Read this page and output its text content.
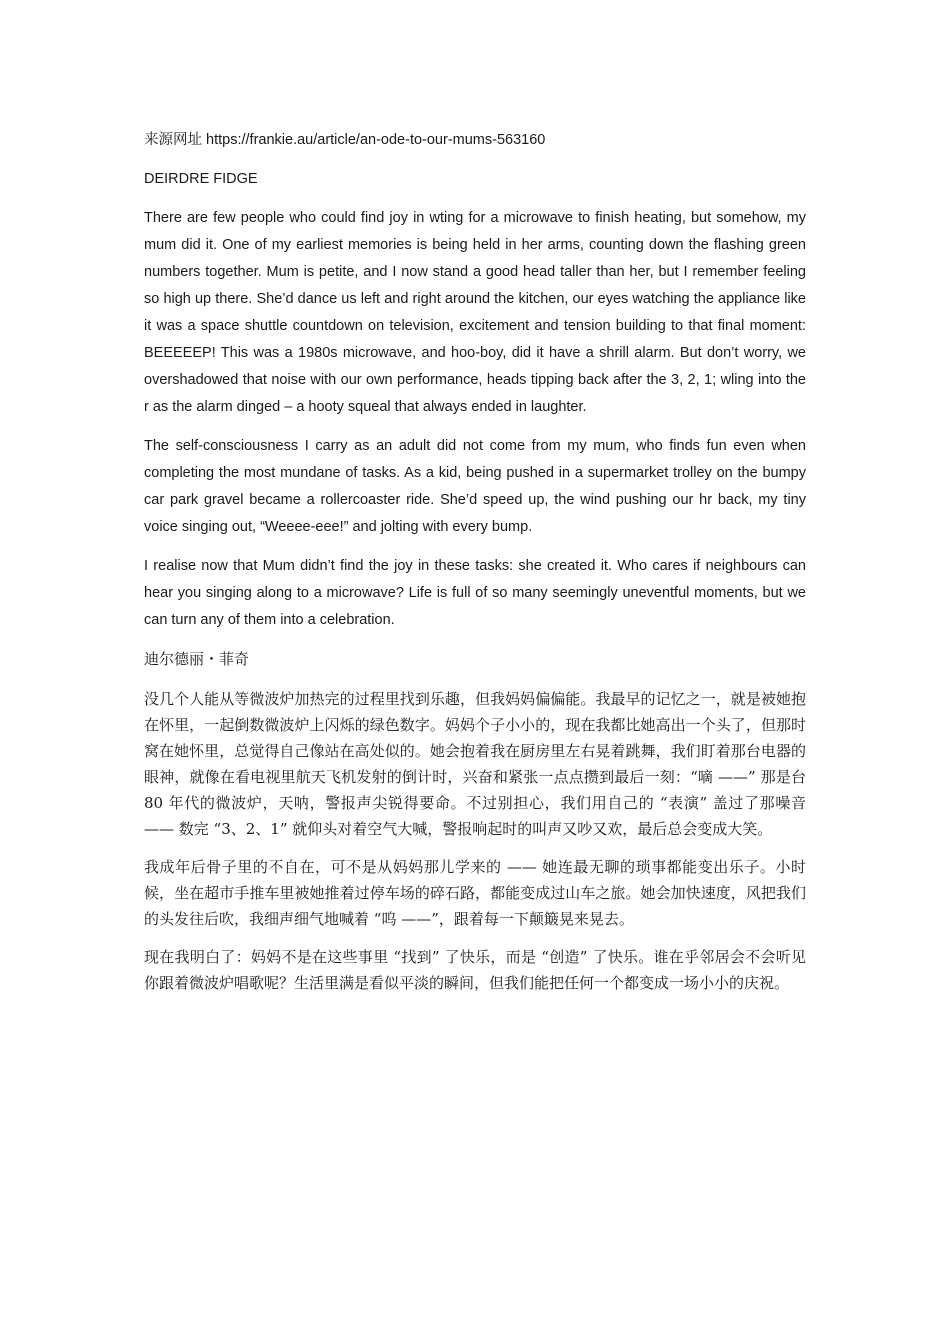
来源网址 https://frankie.au/article/an-ode-to-our-mums-563160

DEIRDRE FIDGE

There are few people who could find joy in wting for a microwave to finish heating, but somehow, my mum did it. One of my earliest memories is being held in her arms, counting down the flashing green numbers together. Mum is petite, and I now stand a good head taller than her, but I remember feeling so high up there. She’d dance us left and right around the kitchen, our eyes watching the appliance like it was a space shuttle countdown on television, excitement and tension building to that final moment: BEEEEEP! This was a 1980s microwave, and hoo-boy, did it have a shrill alarm. But don’t worry, we overshadowed that noise with our own performance, heads tipping back after the 3, 2, 1; wling into the r as the alarm dinged – a hooty squeal that always ended in laughter.

The self-consciousness I carry as an adult did not come from my mum, who finds fun even when completing the most mundane of tasks. As a kid, being pushed in a supermarket trolley on the bumpy car park gravel became a rollercoaster ride. She’d speed up, the wind pushing our hr back, my tiny voice singing out, “Weeee-eee!” and jolting with every bump.

I realise now that Mum didn’t find the joy in these tasks: she created it. Who cares if neighbours can hear you singing along to a microwave? Life is full of so many seemingly uneventful moments, but we can turn any of them into a celebration.

迪尔德丽・菲奇

没几个人能从等微波炉加热完的过程里找到乐趣，但我妈妈偏偏能。我最早的记忆之一，就是被她抱在怀里，一起倒数微波炉上闪烁的绿色数字。妈妈个子小小的，现在我都比她高出一个头了，但那时窝在她怀里，总觉得自己像站在高处似的。她会抱着我在厨房里左右晃着跳舞，我们盯着那台电器的眼神，就像在看电视里航天飞机发射的倒计时，兴奋和紧张一点点攒到最后一刻：“嘀 ——” 那是台 80 年代的微波炉，天呐，警报声尖锐得要命。不过别担心，我们用自己的 “表演” 盖过了那噪音 —— 数完 “3、2、1” 就仰头对着空气大喊，警报响起时的叫声又吵又欢，最后总会变成大笑。

我成年后骨子里的不自在，可不是从妈妈那儿学来的 —— 她连最无聊的琐事都能变出乐子。小时候，坐在超市手推车里被她推着过停车场的碎石路，都能变成过山车之旅。她会加快速度，风把我们的头发往后吹，我细声细气地喊着 “呜 ——”，跟着每一下颠簸晃来晃去。

现在我明白了：妈妈不是在这些事里 “找到” 了快乐，而是 “创造” 了快乐。谁在乎邻居会不会听见你跟着微波炉唱歌呢？生活里满是看似平淡的瞬间，但我们能把任何一个都变成一场小小的庆祝。
